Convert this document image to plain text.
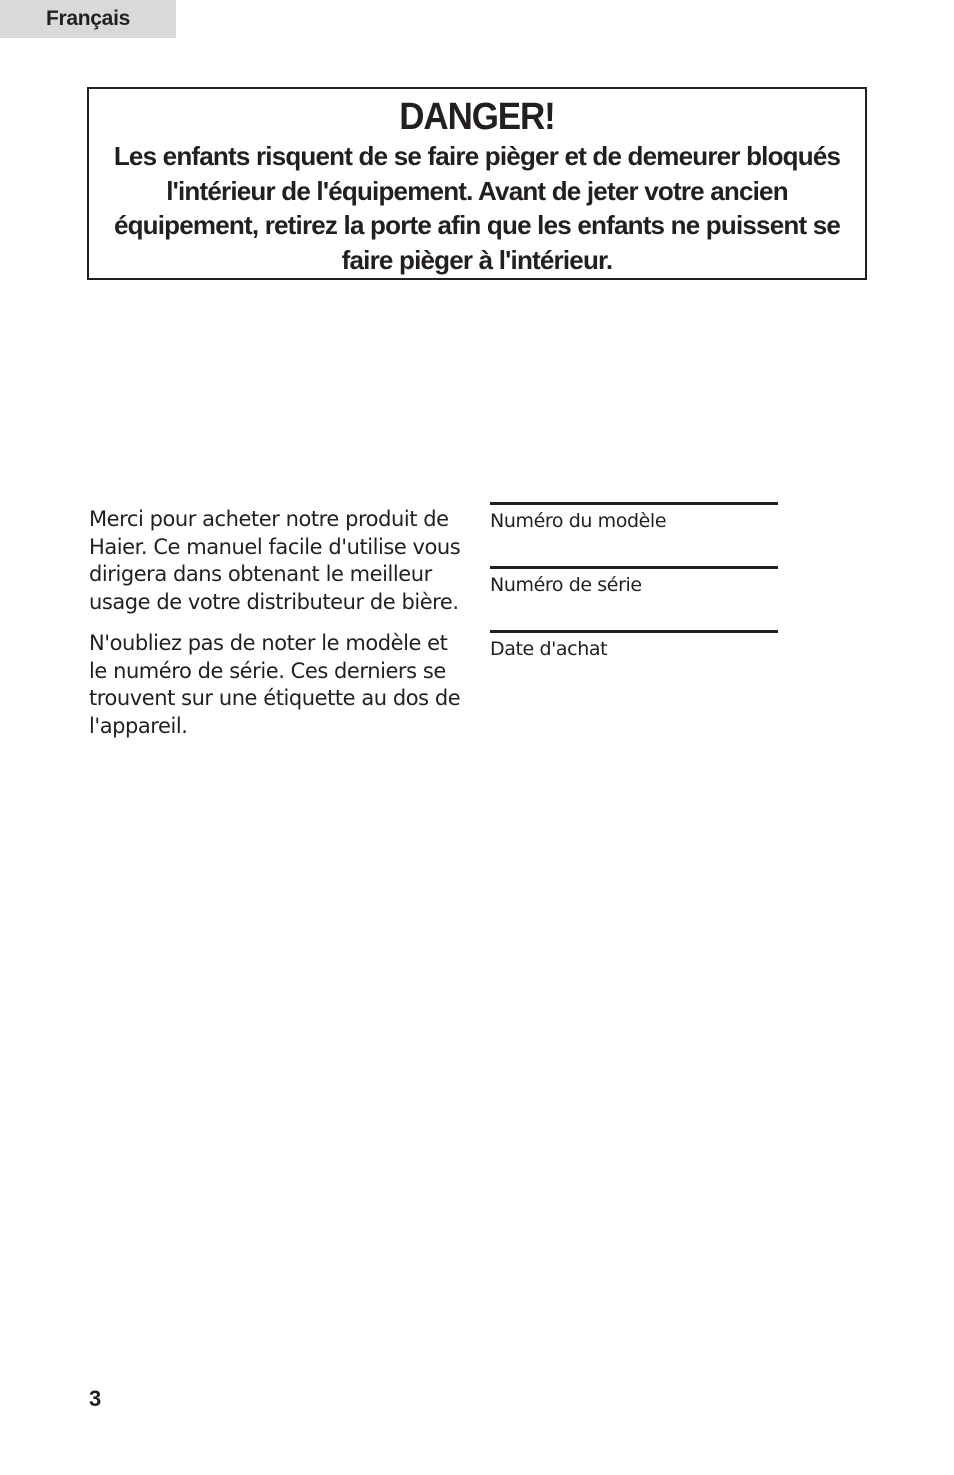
Français
DANGER!
Les enfants risquent de se faire pièger et de demeurer bloqués l'intérieur de l'équipement. Avant de jeter votre ancien équipement, retirez la porte afin que les enfants ne puissent se faire pièger à l'intérieur.

Merci pour acheter notre produit de Haier. Ce manuel facile d'utilise vous dirigera dans obtenant le meilleur usage de votre distributeur de bière.

N'oubliez pas de noter le modèle et le numéro de série. Ces derniers se trouvent sur une étiquette au dos de l'appareil.

Numéro du modèle
Numéro de série
Date d'achat
3
